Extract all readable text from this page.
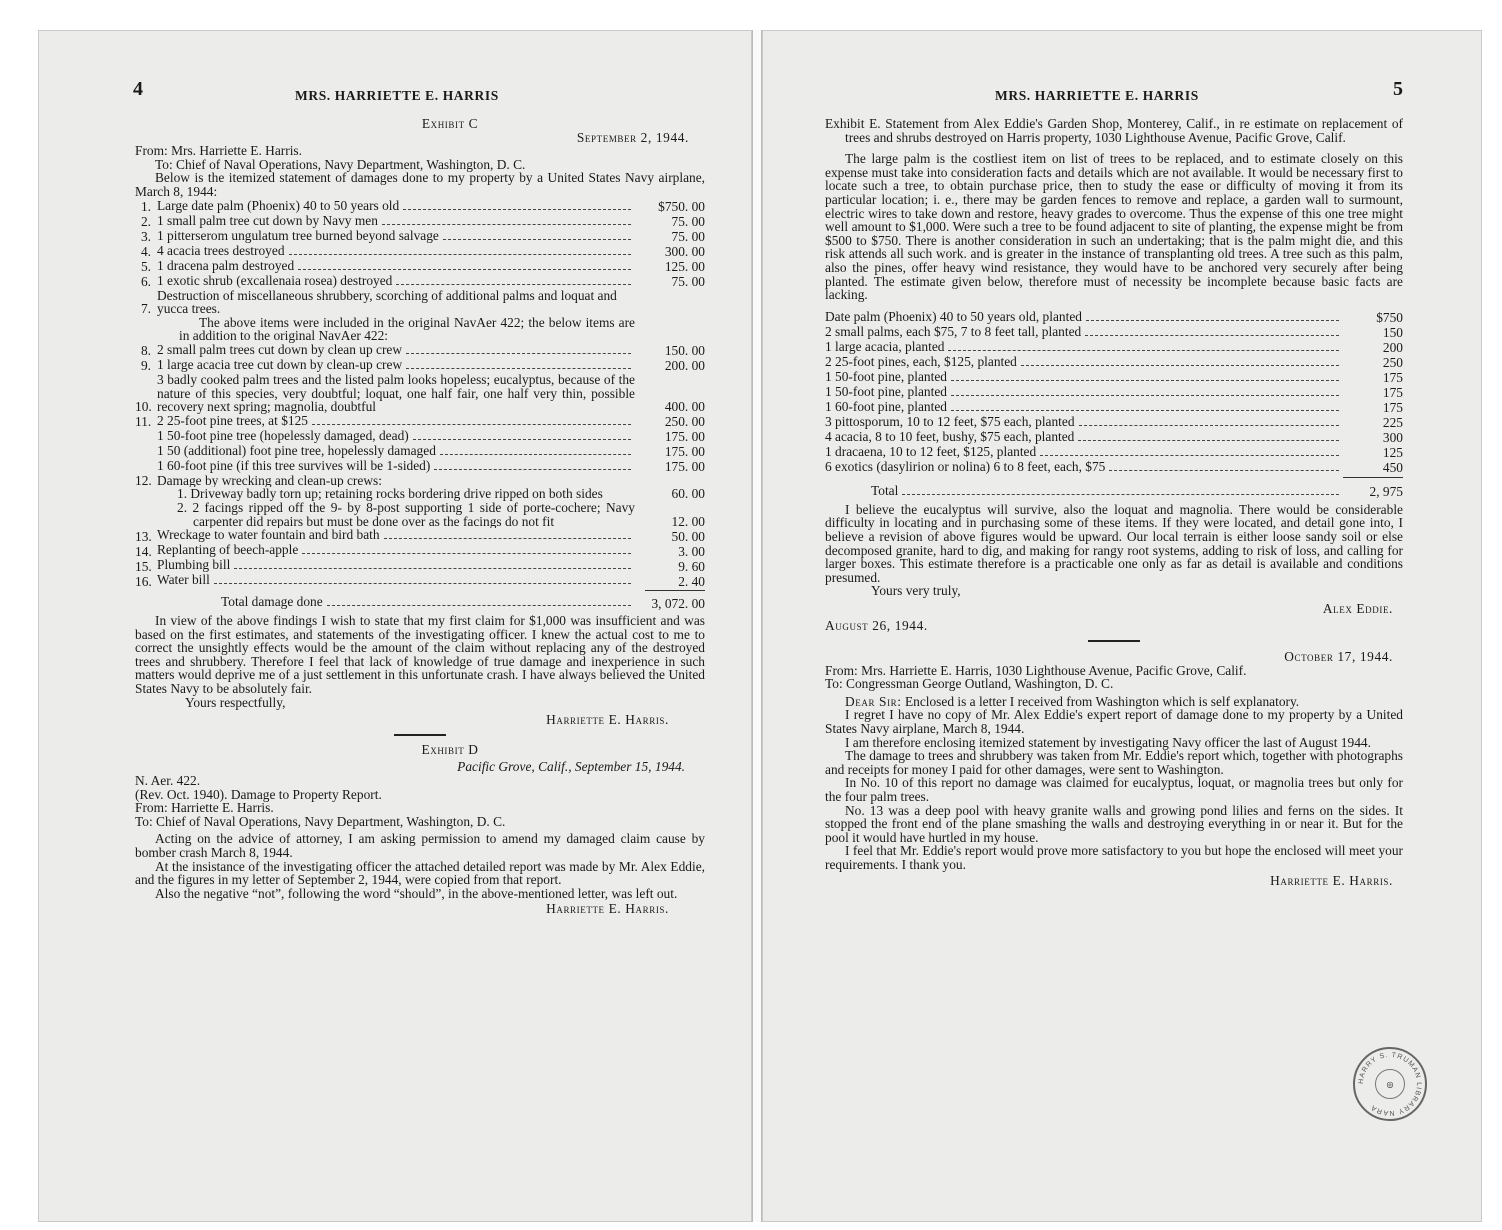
4	MRS. HARRIETTE E. HARRIS

Exhibit C

September 2, 1944.

From: Mrs. Harriette E. Harris.

To: Chief of Naval Operations, Navy Department, Washington, D. C.

Below is the itemized statement of damages done to my property by a United States Navy airplane, March 8, 1944:

1. Large date palm (Phoenix) 40 to 50 years old	$750. 00
2. 1 small palm tree cut down by Navy men	75. 00
3. 1 pitterserom ungulatum tree burned beyond salvage	75. 00
4. 4 acacia trees destroyed	300. 00
5. 1 dracena palm destroyed	125. 00
6. 1 exotic shrub (excallenaia rosea) destroyed	75. 00
7.
Destruction of miscellaneous shrubbery, scorching of additional palms and loquat and yucca trees.

The above items were included in the original NavAer 422; the below items are in addition to the original NavAer 422:

8. 2 small palm trees cut down by clean up crew	150. 00
9. 1 large acacia tree cut down by clean-up crew	200. 00
10.
3 badly cooked palm trees and the listed palm looks hopeless; eucalyptus, because of the nature of this species, very doubtful; loquat, one half fair, one half very thin, possible recovery next spring; magnolia, doubtful	400. 00
11. 2 25-foot pine trees, at $125	250. 00
1 50-foot pine tree (hopelessly damaged, dead)	175. 00
1 50 (additional) foot pine tree, hopelessly damaged	175. 00
1 60-foot pine (if this tree survives will be 1-sided)	175. 00
12. Damage by wrecking and clean-up crews:
1. Driveway badly torn up; retaining rocks bordering drive ripped on both sides	60. 00
2. 2 facings ripped off the 9- by 8-post supporting 1 side of porte-cochere; Navy carpenter did repairs but must be done over as the facings do not fit	12. 00
13. Wreckage to water fountain and bird bath	50. 00
14. Replanting of beech-apple	3. 00
15. Plumbing bill	9. 60
16. Water bill	2. 40
Total damage done	3, 072. 00

In view of the above findings I wish to state that my first claim for $1,000 was insufficient and was based on the first estimates, and statements of the investigating officer. I knew the actual cost to me to correct the unsightly effects would be the amount of the claim without replacing any of the destroyed trees and shrubbery. Therefore I feel that lack of knowledge of true damage and inexperience in such matters would deprive me of a just settlement in this unfortunate crash. I have always believed the United States Navy to be absolutely fair.

Yours respectfully,

Harriette E. Harris.

Exhibit D

Pacific Grove, Calif., September 15, 1944.

N. Aer. 422.

(Rev. Oct. 1940). Damage to Property Report.

From: Harriette E. Harris.

To: Chief of Naval Operations, Navy Department, Washington, D. C.

Acting on the advice of attorney, I am asking permission to amend my damaged claim cause by bomber crash March 8, 1944.

At the insistance of the investigating officer the attached detailed report was made by Mr. Alex Eddie, and the figures in my letter of September 2, 1944, were copied from that report.

Also the negative “not”, following the word “should”, in the above-mentioned letter, was left out.

Harriette E. Harris.

MRS. HARRIETTE E. HARRIS	5

Exhibit E. Statement from Alex Eddie's Garden Shop, Monterey, Calif., in re estimate on replacement of trees and shrubs destroyed on Harris property, 1030 Lighthouse Avenue, Pacific Grove, Calif.

The large palm is the costliest item on list of trees to be replaced, and to estimate closely on this expense must take into consideration facts and details which are not available. It would be necessary first to locate such a tree, to obtain purchase price, then to study the ease or difficulty of moving it from its particular location; i. e., there may be garden fences to remove and replace, a garden wall to surmount, electric wires to take down and restore, heavy grades to overcome. Thus the expense of this one tree might well amount to $1,000. Were such a tree to be found adjacent to site of planting, the expense might be from $500 to $750. There is another consideration in such an undertaking; that is the palm might die, and this risk attends all such work. and is greater in the instance of transplanting old trees. A tree such as this palm, also the pines, offer heavy wind resistance, they would have to be anchored very securely after being planted. The estimate given below, therefore must of necessity be incomplete because basic facts are lacking.

Date palm (Phoenix) 40 to 50 years old, planted	$750
2 small palms, each $75, 7 to 8 feet tall, planted	150
1 large acacia, planted	200
2 25-foot pines, each, $125, planted	250
1 50-foot pine, planted	175
1 50-foot pine, planted	175
1 60-foot pine, planted	175
3 pittosporum, 10 to 12 feet, $75 each, planted	225
4 acacia, 8 to 10 feet, bushy, $75 each, planted	300
1 dracaena, 10 to 12 feet, $125, planted	125
6 exotics (dasylirion or nolina) 6 to 8 feet, each, $75	450
Total	2, 975

I believe the eucalyptus will survive, also the loquat and magnolia. There would be considerable difficulty in locating and in purchasing some of these items. If they were located, and detail gone into, I believe a revision of above figures would be upward. Our local terrain is either loose sandy soil or else decomposed granite, hard to dig, and making for rangy root systems, adding to risk of loss, and calling for larger boxes. This estimate therefore is a practicable one only as far as detail is available and conditions presumed.

Yours very truly,

Alex Eddie.

August 26, 1944.

October 17, 1944.

From: Mrs. Harriette E. Harris, 1030 Lighthouse Avenue, Pacific Grove, Calif.

To: Congressman George Outland, Washington, D. C.

Dear Sir: Enclosed is a letter I received from Washington which is self explanatory.

I regret I have no copy of Mr. Alex Eddie's expert report of damage done to my property by a United States Navy airplane, March 8, 1944.

I am therefore enclosing itemized statement by investigating Navy officer the last of August 1944.

The damage to trees and shrubbery was taken from Mr. Eddie's report which, together with photographs and receipts for money I paid for other damages, were sent to Washington.

In No. 10 of this report no damage was claimed for eucalyptus, loquat, or magnolia trees but only for the four palm trees.

No. 13 was a deep pool with heavy granite walls and growing pond lilies and ferns on the sides. It stopped the front end of the plane smashing the walls and destroying everything in or near it. But for the pool it would have hurtled in my house.

I feel that Mr. Eddie's report would prove more satisfactory to you but hope the enclosed will meet your requirements. I thank you.

Harriette E. Harris.

HARRY S. TRUMAN LIBRARY NARA
◎
